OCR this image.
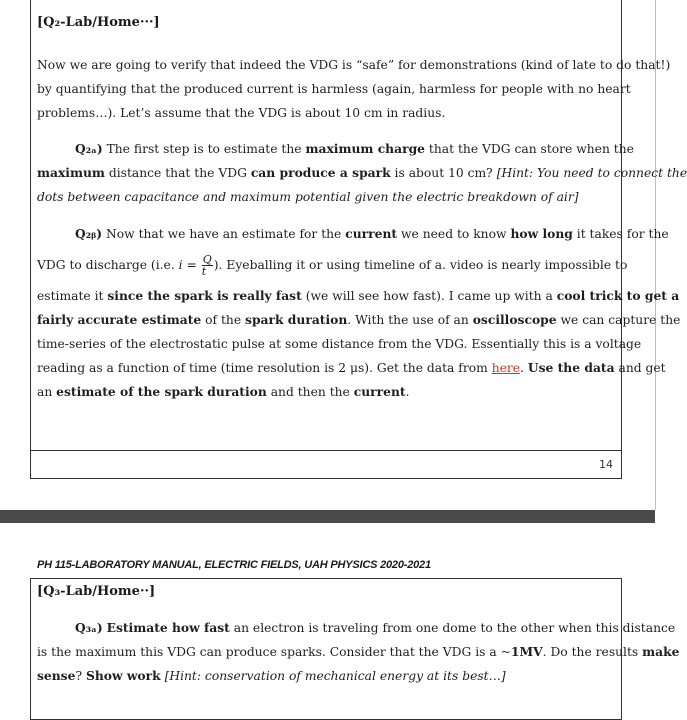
[Q₂-Lab/Home···]
Now we are going to verify that indeed the VDG is “safe” for demonstrations (kind of late to do that!)
by quantifying that the produced current is harmless (again, harmless for people with no heart
problems…). Let’s assume that the VDG is about 10 cm in radius.
Q₂ₐ) The first step is to estimate the maximum charge that the VDG can store when the
maximum distance that the VDG can produce a spark is about 10 cm? [Hint: You need to connect the
dots between capacitance and maximum potential given the electric breakdown of air]
Q₂ᵦ) Now that we have an estimate for the current we need to know how long it takes for the
VDG to discharge (i.e. $i = \frac{Q}{t}$ ). Eyeballing it or using timeline of a. video is nearly impossible to
estimate it since the spark is really fast (we will see how fast). I came up with a cool trick to get a
fairly accurate estimate of the spark duration. With the use of an oscilloscope we can capture the
time-series of the electrostatic pulse at some distance from the VDG. Essentially this is a voltage
reading as a function of time (time resolution is 2 μs). Get the data from here. Use the data and get
an estimate of the spark duration and then the current.
14
PH 115-LABORATORY MANUAL, ELECTRIC FIELDS, UAH PHYSICS 2020-2021
[Q₃-Lab/Home··]
Q₃ₐ) Estimate how fast an electron is traveling from one dome to the other when this distance
is the maximum this VDG can produce sparks. Consider that the VDG is a ~1MV. Do the results make
sense? Show work [Hint: conservation of mechanical energy at its best…]
